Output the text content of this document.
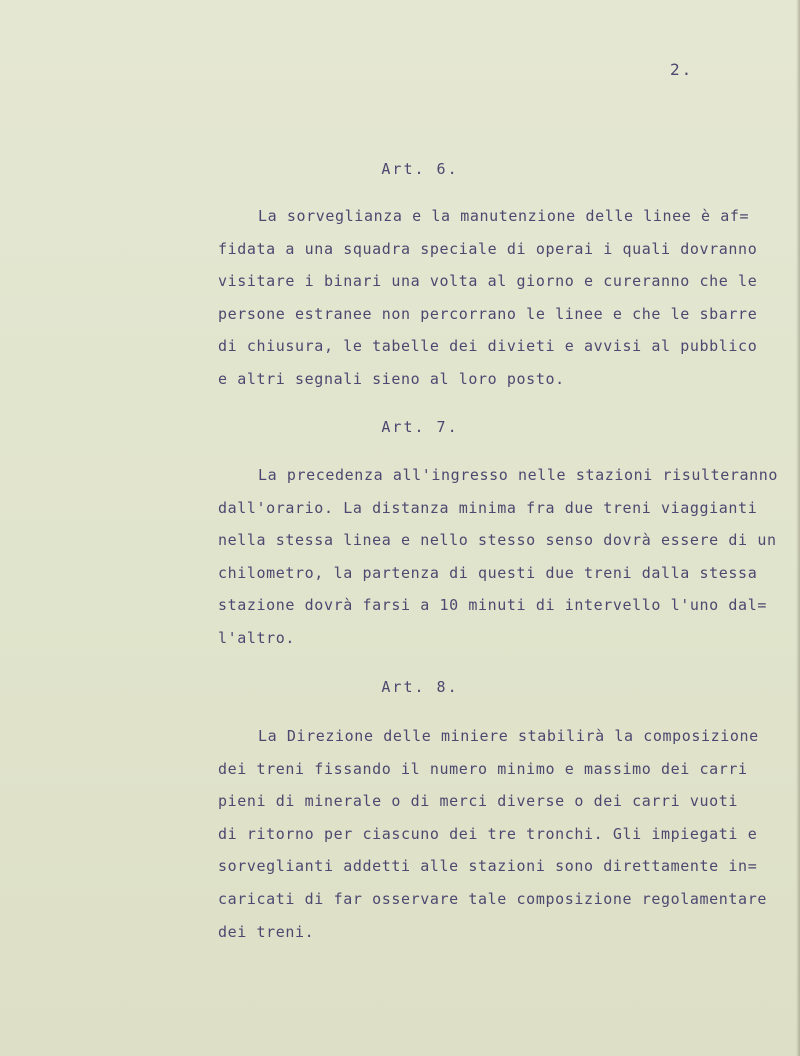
2.
Art. 6.
La sorveglianza e la manutenzione delle linee è af=
fidata a una squadra speciale di operai i quali dovranno
visitare i binari una volta al giorno e cureranno che le
persone estranee non percorrano le linee e che le sbarre
di chiusura, le tabelle dei divieti e avvisi al pubblico
e altri segnali sieno al loro posto.
Art. 7.
La precedenza all'ingresso nelle stazioni risulteranno
dall'orario. La distanza minima fra due treni viaggianti
nella stessa linea e nello stesso senso dovrà essere di un
chilometro, la partenza di questi due treni dalla stessa
stazione dovrà farsi a 10 minuti di intervello l'uno dal=
l'altro.
Art. 8.
La Direzione delle miniere stabilirà la composizione
dei treni fissando il numero minimo e massimo dei carri
pieni di minerale o di merci diverse o dei carri vuoti
di ritorno per ciascuno dei tre tronchi. Gli impiegati e
sorveglianti addetti alle stazioni sono direttamente in=
caricati di far osservare tale composizione regolamentare
dei treni.
